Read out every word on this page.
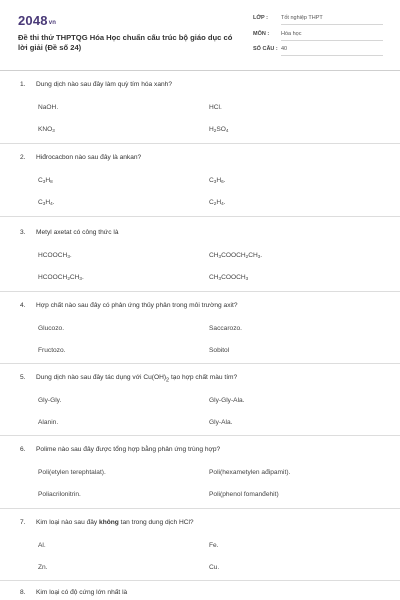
2048vn
Đề thi thử THPTQG Hóa Học chuẩn cấu trúc bộ giáo dục có lời giải (Đề số 24)
LỚP : Tốt nghiệp THPT
MÔN : Hóa học
SỐ CÂU : 40
1. Dung dịch nào sau đây làm quỳ tím hóa xanh?
NaOH.	HCl.
$KNO_3$	$H_2SO_4$
2. Hiđrocacbon nào sau đây là ankan?
$C_3H_8$	$C_3H_6$.
$C_3H_4$.	$C_2H_4$.
3. Metyl axetat có công thức là
$HCOOCH_3$.	$CH_3COOCH_2CH_3$.
$HCOOCH_2CH_3$.	$CH_3COOCH_3$
4. Hợp chất nào sau đây có phản ứng thủy phân trong môi trường axit?
Glucozo.	Saccarozo.
Fructozo.	Sobitol
5. Dung dịch nào sau đây tác dụng với $Cu(OH)_2$ tạo hợp chất màu tím?
Gly-Gly.	Gly-Gly-Ala.
Alanin.	Gly-Ala.
6. Polime nào sau đây được tổng hợp bằng phản ứng trùng hợp?
Poli(etylen terephtalat).	Poli(hexametylen ađipamit).
Poliacrilonitrin.	Poli(phenol fomanđehit)
7. Kim loại nào sau đây không tan trong dung dịch HCl?
Al.	Fe.
Zn.	Cu.
8. Kim loại có độ cứng lớn nhất là
